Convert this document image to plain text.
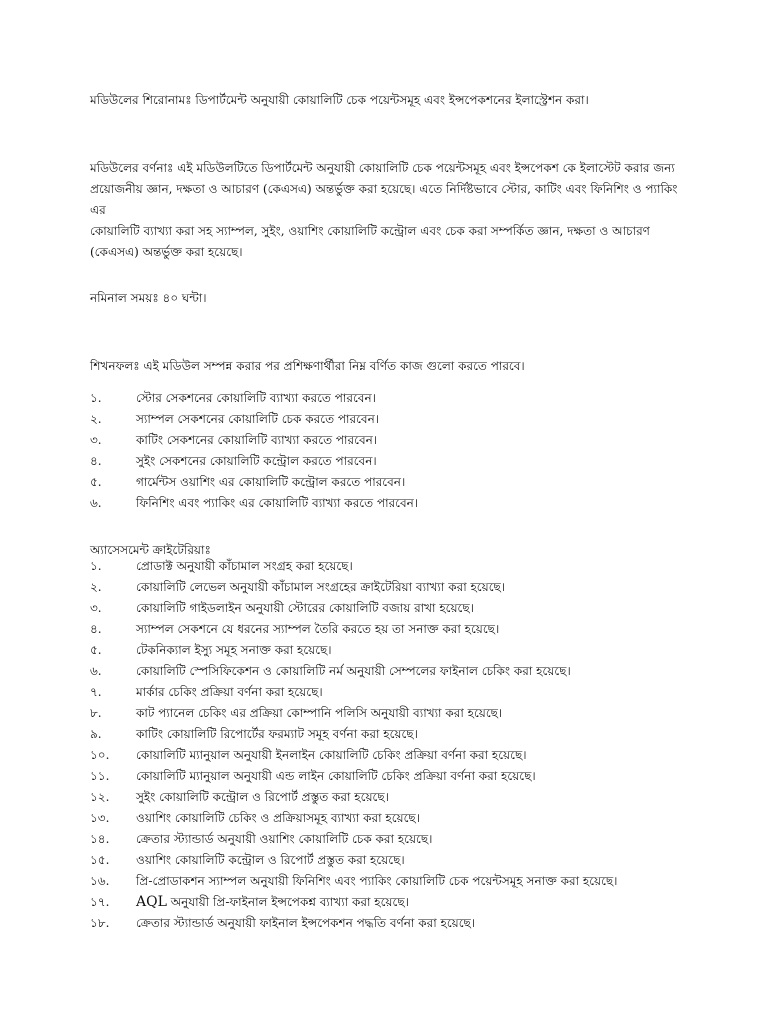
মডিউলের শিরোনামঃ ডিপার্টমেন্ট অনুযায়ী কোয়ালিটি চেক পয়েন্টসমূহ এবং ইন্সপেকশনের ইলাস্ট্রেশন করা।
মডিউলের বর্ণনাঃ এই মডিউলটিতে ডিপার্টমেন্ট অনুযায়ী কোয়ালিটি চেক পয়েন্টসমূহ এবং ইন্সপেকশ কে ইলাস্টেট করার জন্য
প্রয়োজনীয় জ্ঞান, দক্ষতা ও আচারণ (কেএসএ) অন্তর্ভুক্ত করা হয়েছে। এতে নির্দিষ্টভাবে স্টোর, কাটিং এবং ফিনিশিং ও প্যাকিং এর
কোয়ালিটি ব্যাখ্যা করা সহ স্যাম্পল, সুইং, ওয়াশিং কোয়ালিটি কন্ট্রোল এবং চেক করা সম্পর্কিত জ্ঞান, দক্ষতা ও আচারণ
(কেএসএ) অন্তর্ভুক্ত করা হয়েছে।
নমিনাল সময়ঃ ৪০ ঘন্টা।
শিখনফলঃ এই মডিউল সম্পন্ন করার পর প্রশিক্ষণার্থীরা নিম্ন বর্ণিত কাজ গুলো করতে পারবে।
১.	স্টোর সেকশনের কোয়ালিটি ব্যাখ্যা করতে পারবেন।
২.	স্যাম্পল সেকশনের কোয়ালিটি চেক করতে পারবেন।
৩.	কাটিং সেকশনের কোয়ালিটি ব্যাখ্যা করতে পারবেন।
৪.	সুইং সেকশনের কোয়ালিটি কন্ট্রোল করতে পারবেন।
৫.	গার্মেন্টস ওয়াশিং এর কোয়ালিটি কন্ট্রোল করতে পারবেন।
৬.	ফিনিশিং এবং প্যাকিং এর কোয়ালিটি ব্যাখ্যা করতে পারবেন।
অ্যাসেসমেন্ট ক্রাইটেরিয়াঃ
১.	প্রোডাক্ট অনুযায়ী কাঁচামাল সংগ্রহ করা হয়েছে।
২.	কোয়ালিটি লেভেল অনুযায়ী কাঁচামাল সংগ্রহের ক্রাইটেরিয়া ব্যাখ্যা করা হয়েছে।
৩.	কোয়ালিটি গাইডলাইন অনুযায়ী স্টোরের কোয়ালিটি বজায় রাখা হয়েছে।
৪.	স্যাম্পল সেকশনে যে ধরনের স্যাম্পল তৈরি করতে হয় তা সনাক্ত করা হয়েছে।
৫.	টেকনিক্যাল ইস্যু সমূহ সনাক্ত করা হয়েছে।
৬.	কোয়ালিটি স্পেসিফিকেশন ও কোয়ালিটি নর্ম অনুযায়ী সেম্পলের ফাইনাল চেকিং করা হয়েছে।
৭.	মার্কার চেকিং প্রক্রিয়া বর্ণনা করা হয়েছে।
৮.	কাট প্যানেল চেকিং এর প্রক্রিয়া কোম্পানি পলিসি অনুযায়ী ব্যাখ্যা করা হয়েছে।
৯.	কাটিং কোয়ালিটি রিপোর্টের ফরম্যাট সমূহ বর্ণনা করা হয়েছে।
১০.	কোয়ালিটি ম্যানুয়াল অনুযায়ী ইনলাইন কোয়ালিটি চেকিং প্রক্রিয়া বর্ণনা করা হয়েছে।
১১.	কোয়ালিটি ম্যানুয়াল অনুযায়ী এন্ড লাইন কোয়ালিটি চেকিং প্রক্রিয়া বর্ণনা করা হয়েছে।
১২.	সুইং কোয়ালিটি কন্ট্রোল ও রিপোর্ট প্রস্তুত করা হয়েছে।
১৩.	ওয়াশিং কোয়ালিটি চেকিং ও প্রক্রিয়াসমূহ ব্যাখ্যা করা হয়েছে।
১৪.	ক্রেতার স্ট্যান্ডার্ড অনুযায়ী ওয়াশিং কোয়ালিটি চেক করা হয়েছে।
১৫.	ওয়াশিং কোয়ালিটি কন্ট্রোল ও রিপোর্ট প্রস্তুত করা হয়েছে।
১৬.	প্রি-প্রোডাকশন স্যাম্পল অনুযায়ী ফিনিশিং এবং প্যাকিং কোয়ালিটি চেক পয়েন্টসমূহ সনাক্ত করা হয়েছে।
১৭.	AQL অনুযায়ী প্রি-ফাইনাল ইন্সপেকশ্ন ব্যাখ্যা করা হয়েছে।
১৮.	ক্রেতার স্ট্যান্ডার্ড অনুযায়ী ফাইনাল ইন্সপেকশন পদ্ধতি বর্ণনা করা হয়েছে।
